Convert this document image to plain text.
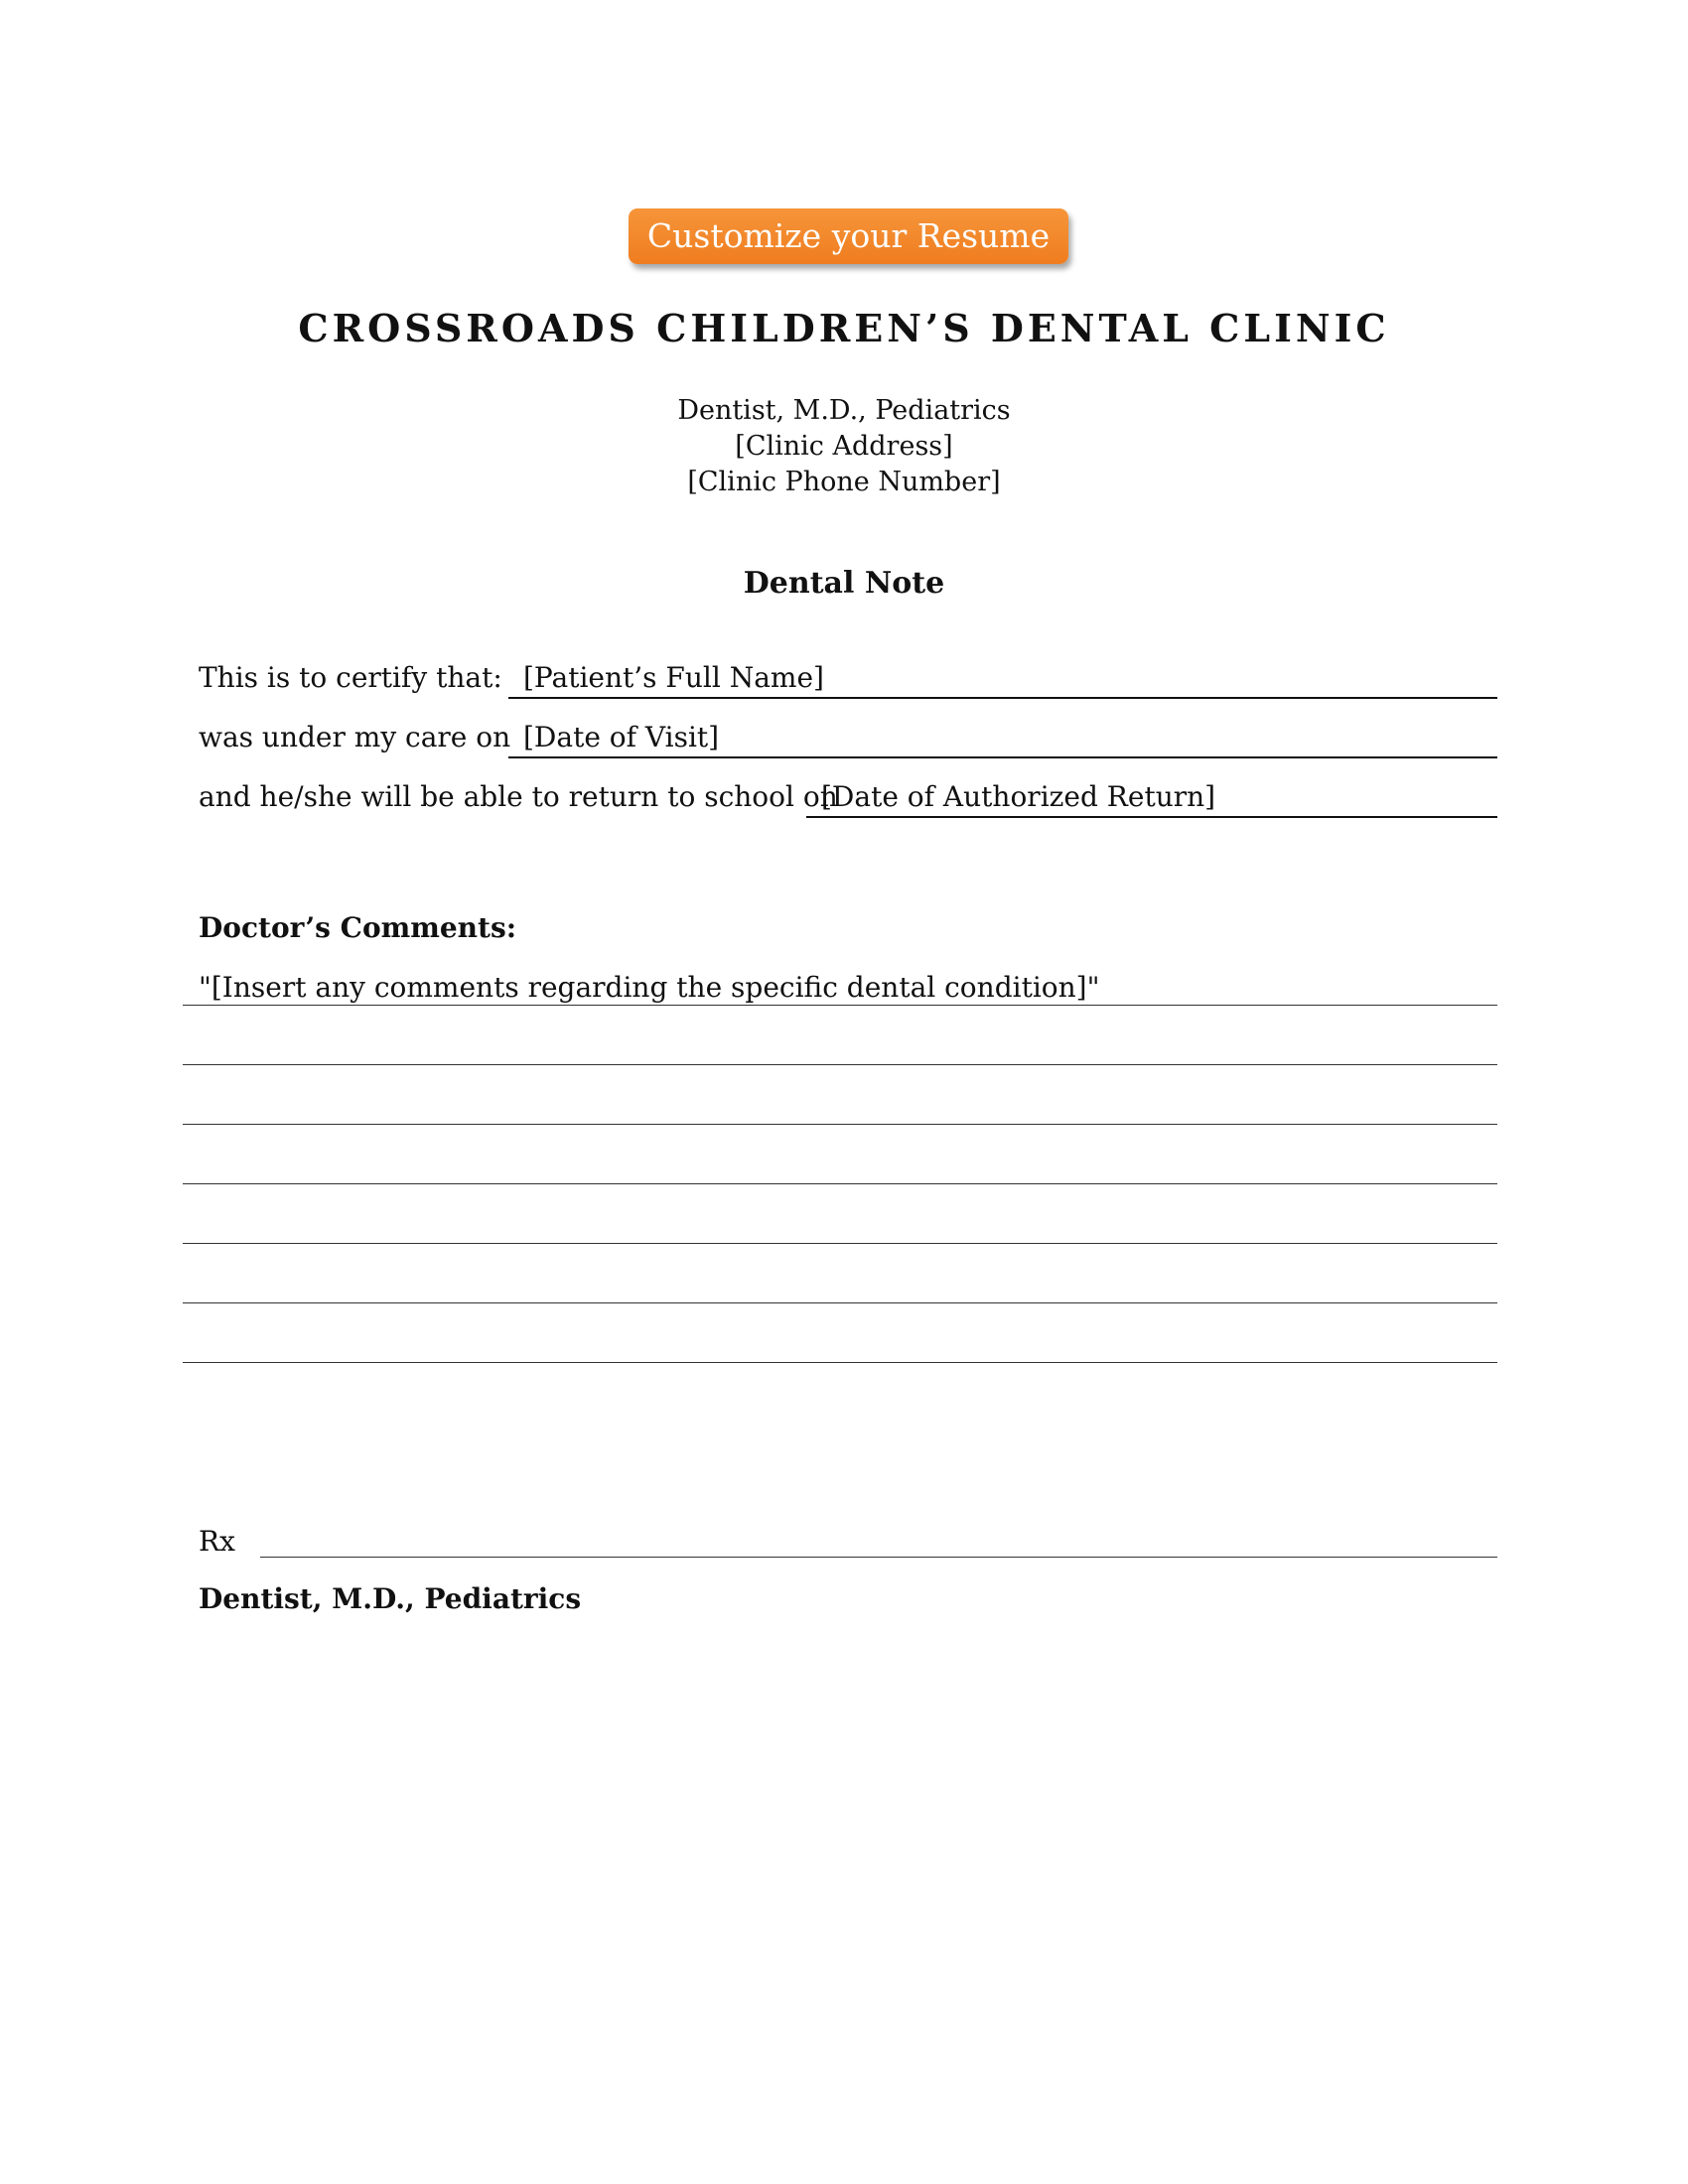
Customize your Resume
CROSSROADS CHILDREN’S DENTAL CLINIC
Dentist, M.D., Pediatrics
[Clinic Address]
[Clinic Phone Number]
Dental Note
This is to certify that: [Patient’s Full Name]
was under my care on [Date of Visit]
and he/she will be able to return to school on
[Date of Authorized Return]
Doctor’s Comments:
"[Insert any comments regarding the specific dental condition]"
Rx
Dentist, M.D., Pediatrics
